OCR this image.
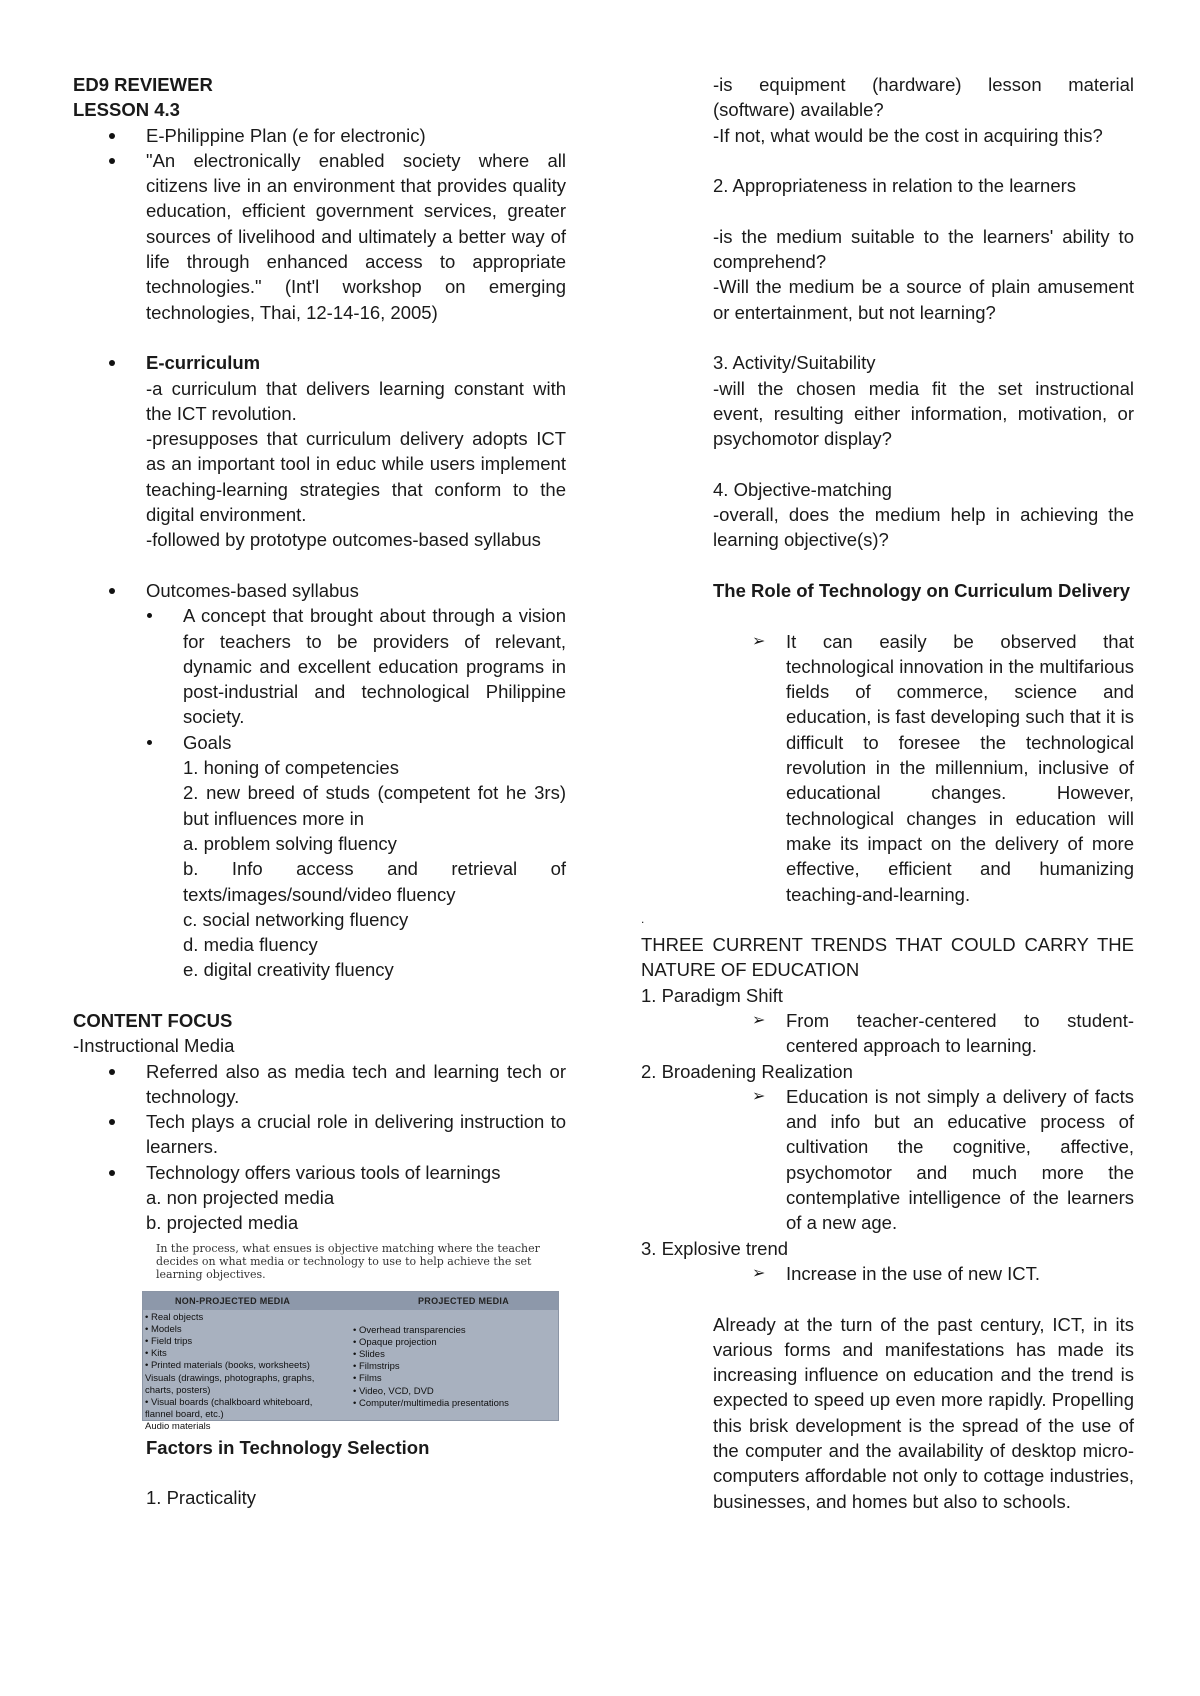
ED9 REVIEWER

LESSON 4.3

E-Philippine Plan (e for electronic)

"An electronically enabled society where all citizens live in an environment that provides quality education, efficient government services, greater sources of livelihood and ultimately a better way of life through enhanced access to appropriate technologies." (Int'l workshop on emerging technologies, Thai, 12-14-16, 2005)

E-curriculum

-a curriculum that delivers learning constant with the ICT revolution.

-presupposes that curriculum delivery adopts ICT as an important tool in educ while users implement teaching-learning strategies that conform to the digital environment.

-followed by prototype outcomes-based syllabus

Outcomes-based syllabus

A concept that brought about through a vision for teachers to be providers of relevant, dynamic and excellent education programs in post-industrial and technological Philippine society.

Goals

1. honing of competencies

2. new breed of studs (competent fot he 3rs) but influences more in

a. problem solving fluency

b. Info access and retrieval of texts/images/sound/video fluency

c. social networking fluency

d. media fluency

e. digital creativity fluency

CONTENT FOCUS

-Instructional Media

Referred also as media tech and learning tech or technology.

Tech plays a crucial role in delivering instruction to learners.

Technology offers various tools of learnings

a. non projected media

b. projected media

In the process, what ensues is objective matching where the teacher decides on what media or technology to use to help achieve the set learning objectives.

NON-PROJECTED MEDIA	PROJECTED MEDIA
• Real objects
• Models
• Field trips
• Kits
• Printed materials (books, worksheets)
Visuals (drawings, photographs, graphs,
charts, posters)
• Visual boards (chalkboard whiteboard,
flannel board, etc.)
Audio materials
• Overhead transparencies
• Opaque projection
• Slides
• Filmstrips
• Films
• Video, VCD, DVD
• Computer/multimedia presentations

Factors in Technology Selection

1. Practicality

-is equipment (hardware) lesson material (software) available?

-If not, what would be the cost in acquiring this?

2. Appropriateness in relation to the learners

-is the medium suitable to the learners' ability to comprehend?

-Will the medium be a source of plain amusement or entertainment, but not learning?

3. Activity/Suitability

-will the chosen media fit the set instructional event, resulting either information, motivation, or psychomotor display?

4. Objective-matching

-overall, does the medium help in achieving the learning objective(s)?

The Role of Technology on Curriculum Delivery

➢ It can easily be observed that technological innovation in the multifarious fields of commerce, science and education, is fast developing such that it is difficult to foresee the technological revolution in the millennium, inclusive of educational changes. However, technological changes in education will make its impact on the delivery of more effective, efficient and humanizing teaching-and-learning.

.

THREE CURRENT TRENDS THAT COULD CARRY THE NATURE OF EDUCATION

1. Paradigm Shift

➢ From teacher-centered to student-centered approach to learning.

2. Broadening Realization

➢ Education is not simply a delivery of facts and info but an educative process of cultivation the cognitive, affective, psychomotor and much more the contemplative intelligence of the learners of a new age.

3. Explosive trend

➢ Increase in the use of new ICT.

Already at the turn of the past century, ICT, in its various forms and manifestations has made its increasing influence on education and the trend is expected to speed up even more rapidly. Propelling this brisk development is the spread of the use of the computer and the availability of desktop micro-computers affordable not only to cottage industries, businesses, and homes but also to schools.
